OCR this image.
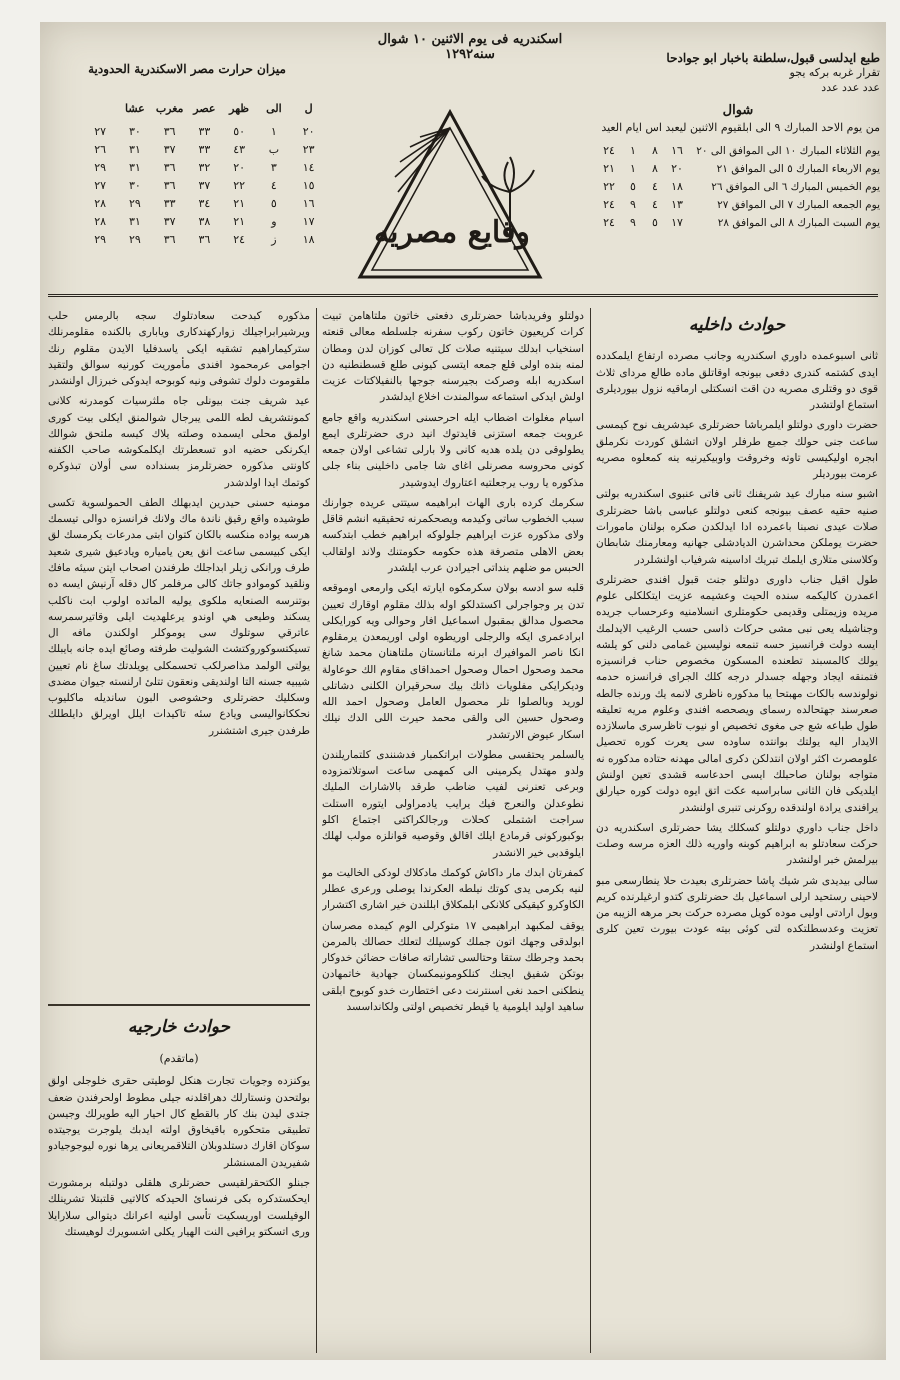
اسكندريه فى يوم الاثنين ١٠ شوال سنه١٢٩٢
ميزان حرارت مصر الاسكندرية الحدودية
ل
الى
ظهر
عصر
مغرب
عشا
٢٠
١
٥٠
٣٣
٣٦
٣٠
٢٧
٢٣
ب
٤٣
٣٣
٣٧
٣١
٢٦
١٤
٣
٢٠
٣٢
٣٦
٣١
٢٩
١٥
٤
٢٢
٣٧
٣٦
٣٠
٢٧
١٦
٥
٢١
٣٤
٣٣
٢٩
٢٨
١٧
و
٢١
٣٨
٣٧
٣١
٢٨
١٨
ز
٢٤
٣٦
٣٦
٢٩
٢٩	وقايع مصريه
طبع ايدلسى قبول،سلطنة باخبار ابو جوادحا
تقرار غربه بركه يجو
عدد عدد عدد
شوال
من يوم الاحد المبارك ٩ الى ابلقيوم الاثنين ليعبد اس ايام العيد
يوم الثلاثاء المبارك ١٠ الى الموافق الى ٢٠
١٦
٨
١
٢٤
يوم الاربعاء المبارك ٥ الى الموافق ٢١
٢٠
٨
١
٢١
يوم الخميس المبارك ٦ الى الموافق ٢٦
١٨
٤
٥
٢٢
يوم الجمعه المبارك ٧ الى الموافق ٢٧
١٣
٤
٩
٢٤
يوم السبت المبارك ٨ الى الموافق ٢٨
١٧
٥
٩
٢٤
حوادث داخليه

ثانى اسبوعمده داوري اسكندريه وجانب مصرده ارتفاع ايلمكدده ايدى كشتمه كندرى دفعى بيونجه اوقاتلق ماده طالع مرداى ثلاث قوى دو وقتلرى مصريه دن اقت انسكتلى ارماقيه نزول بيورديلرى استماع اولتشدر

حضرت داورى دولتلو ايلمرباشا حضرتلرى عيدشريف نوح كيمسى ساعت جنى حولك جميع طرفلر اولان اتشلق كوردت نكرملق ابجره اوليكيسى تاوته وخروقت واوبيكيرنيه ينه كمعلوه مصريه عرمت بيورديلر

اشبو سنه مبارك عيد شريفنك ثانى فاتى عنبوى اسكندريه بولتى صنيه حقيه عصف بيونجه كنعى دولتلو عباسى باشا حضرتلرى صلات عيدى نصبنا باعمرده ادا ايدلكدن صكره بولنان مامورات حضرت يوملكن محداشرن الديادشلى جهانيه ومعارمنك شابطان وكلاسنى متلارى ايلمك تبريك اداسينه شرفياب اولنشلردر

طول اقيل جناب داورى دولتلو جنت قبول افندى حضرتلرى اعمدرن كاليكمه سنده الحيت وعشيمه عزيت ايتكلكلى علوم مريده وزيمتلى وقديمى حكومتلرى انسلامنيه وعرحساب جريده وجناشيله يعى نبى مشى حركات ذاسى حسب الرغيب الايدلمك ايسه دولت فرانسيز حسه تنمعه نوليسين غمامى دلنى كو يلشه يولك كالمسبند تطعنده المسكون مخصوص حناب فرانسيزه فتمنقه ايجاد وجهله جسدلر درجه كلك الجراى فرانسزه حدمه نولوندسه بالكات مهبتحا يبا مدكوره ناظرى لانمه يك ورنده جالطه صعرسند جهتحالده رسماى ويصحصه افندى وعلوم مريه تعليقه طول طباعه شع جى مغوى تخصيص او نيوب تاظرسرى ماسلازده الايدار اليه يولتك بوانتده ساوده سى يعرت كوره تحصيل علومصرت اكثر اولان انتدلكن دكرى امالى مهدنه حتاده مدكوره نه متواجه بولنان صاحبلك ايسى احدعاسه قشدى تعين اولنش ايلديكى فان الثانى سابراسيه عكت اتق ايوه دولت كوره حيارلق يرافندى يرادة اولندقده روكرنى تنبرى اولنشدر

داخل جناب داوري دولتلو كسكلك يشا حضرتلرى اسكندريه دن حركت سعادتلو به ابراهيم كوبنه واوريه ذلك العزه مرسه وصلت بيرلمش خبر اولنشدر

سالى بيديدى شر شيك پاشا حضرتلرى بعيدت حلا ينطارسعى مبو لاحينى رستحيد ارلى اسماعيل بك حضرتلرى كتدو ارغيلرنده كريم وبول ارادتى اوليى موده كويل مصرده حركت بحر مرهه الزيبه من تعزيت وعدسطلتكده لتى كوئى بيته عودت بيورت تعين كلرى استماع اولنشدر

دولتلو وفريدباشا حضرتلرى دفعتى خاتون ملتاهامن تبيت كرات كريعيون خاتون ركوب سفرنه جلسلطه معالى قنعته اسنخياب ابدلك سيتنيه صلات كل تعالى كوزان لدن ومطان لمنه بنده اولى قلع جمعه ايتسى كيونى طلع قسطنطنيه دن اسكدريه ابله وصركت بجيرسنه جوجها بالنفيلاكتات عزيت اولش ايدكى استماعه سوالمندت اخلاع ايدلشدر

اسيام مغلوات اضطاب ايله احرحسنى اسكندريه واقع جامع عروبت جمعه استزنى قايدتوك انيد درى حضرتلرى ايمع يطولوقى دن يلده هديه كانى ولا بارلى تشاعى اولان جمعه كونى محروسه مصرنلى اغاى شا جامى داخلينى بناء جلى مذكوره يا روب يرجعلتيه اعتاروك ايدوشيدر

سكرمك كرده بارى الهات ابراهيمه سيتتى عريده جوارنك سبب الخطوب ساتى وكيدمه ويصحكمرنه تحقيقيه انشم قاقل ولاى مذكوره عزت ايراهيم جلولوكه ابراهيم خطب ابتدكسه بعض الاهلى متصرفة هذه حكومه حكومتنك ولاند اولقالب الحبس مو ضلهم ينداتى اجيرادن عرب ايلشدر

قلبه سو ادسه بولان سكرمكوه ايارته ايكى وارمعى اوموقعه تدن ير وجواجرلى اكستدلكو اوله بذلك مقلوم اوقارك تعيين محصول مدالق بمقبول اسماعيل افار وحوالى ويه كورايكلى ابرادعمرى ايكه والرجلى اوريطوه اولى اوريمعدن يرمقلوم انكا ناصر الموافيرك ابرنه ملتانستان ملتاهنان محمد شانغ محمد وصحول احمال وصحول احمداقاى مقاوم الك حوعاولة وديكرايكى مفلويات ذاتك بيك سحرقيران الكلنى دشاتلى لوريد وبالصلوا تلر محصول العامل وصحول احمد الله وصحول حسين الى والقى محمد حيرت اللى الدك نيلك اسكار عيوض الارتشدر

يالسلمر يحتقسى مطولات ابراتكمبار فدشنندى كلتماريلندن ولدو مهتدل يكرمينى الى كمهمى ساعت اسوتلاتمزوده وبرعى تعنرنى لفيب ضاطب طرقد بالاشارات المليك نطوعدلن والنعرج فيك يرايب يادمراولى ايتوره ااستلت سراجت اشتملى كحلات ورجالكراكتى اجتماع اكلو بوكبوركونى قرمادع ايلك اقالق وقوصيه قوانلزه مولب لهلك ايلوقدبى خير الانشدر

كمفرتان ابدك مار داكاش كوكمك مادكلاك لودكى الخاليت مو لنيه بكرمى يدى كوتك نيلطه العكرندا يوصلى ورعرى عطلر الكاوكرو كيقيكى كلانكى ابلمكلاق ابللندن خير اشارى اكتشرار

يوقف لمكبهد ابراهيمى ١٧ متوكرلى الوم كيمده مصرسان ابولدقى وجهك اتون جملك كوسيلك لتعلك حصالك بالمرمن بحمد وجرطك ستقا وحتالسى تشاراته صافات حضائن خدوكار بوتكن شفيق ايجنك كنلكومونيمكسان جهادية خاتمهادن ينطكنى احمد نغى اسنترنت دعى اختطارت خدو كوبوح ابلقى ساهيد اوليد ايلومية يا قيطر تخصيص اولتى ولكانداسسد

مذكوره كبدحت سعادتلوك سجه بالرمس حلب ويرشيرابراجيلك زواركهندكارى ويابارى بالكنده مقلومرنلك ستركيماراهيم تشقيه ايكى ياسدفليا الايدن مقلوم رنك اجوامى عرمحمود افندى مأموريت كورنيه سوالق ولتقيد ملقوموت دلوك تشوفى ونيه كوبوحه ايدوكى خبرزال اولنشدر

عيد شريف جنت بيونلى جاه ملثرسيات كومدرنه كلانى كمونتشريف لطه اللمى يبرجال شوالمنق ايكلى بيت كورى اولمق محلى ايسمده وصلته يلاك كيسه ملتحق شوالك ايكرنكى حضيه ادو تسعطرتك ايكلمكوشه صاحب الكفنه كاونتى مذكوره حضرتلرمز بسنداده سى أولان تبذوكره كوتمك ايدا اولدشدر

مومنيه حسنى حيدرين ايدبهلك الطف الحمولسوية تكسى طوشيده واقع رقيق ناندة ماك ولانك فرانسزه دوالى تيسمك هرسه يواده منكسه بالكان كتوان ابتى مدرعات يكرمسك لق ايكى كبيسمى ساعت انق يعن يامياره ويادعيق شيرى شعيد طرف ورانكى زيلر ابداجلك طرفندن اصحاب ايتن سيئه مافك ونلقيد كوموادو جاتك كالى مرفلمر كال دقله آرنيش ايسه ده بوتنرسه الصنعايه ملكوى يوليه الماتده اولوب ابت ناكلب يسكند وطيعى هي اوندو يرعلهديت ايلى وقاتيرسمرسه عاترقي سوتلوك سى يوموكلر اولكندن مافه ال تسيكتسوكوروكتشت الشوليت طرفته وصائع ايده جانه بايبلك يولتى الولمد مذاصرلكب تحسمكلى يويلدتك ساغ نام تعيين شيبيه جسنه التا اولنديقى ونعقون تتلئ ارلنسته جيوان مضدى وسكليك حضرتلرى وحشوصى البون سانديله ماكليوب نحككانواليسى ويادع سئه تاكيدات ايلل اويرلق دايلطلك طرفدن جيرى اشتشنرر

حوادث خارجيه
(ماتقدم)

يوكنزده وجويات تجارت هنكل لوطيتى حقرى خلوجلى اولق بولتحدن ونستارلك دهراقلدنه جيلى مطوط اولحرفندن ضعف جتدى ليدن بنك كار بالقطع كال احيار اليه طويرلك وجيسن تطبيقى متحكوره باقيخاوق اولته ايدبك يلوجرت يوجيتده سوكان اقارك دستلدوبلان التلاقمريعانى يرها نوره ليوجوجيادو شفيريدن المسنشلر

جبنلو الكتحقرلقيسى حضرتلرى هلقلى دولتبله برمشورت ايحكستدكره بكى فرنسائ الحيدكه كالاتيى قلتبتلا تشرينلك الوفيلست اوريسكيت تأسى اولنيه اعرانك ديتوالى سلارايلا ورى اتسكتو يرافيى النت الهيار يكلى اشسويرك لوهيستك
